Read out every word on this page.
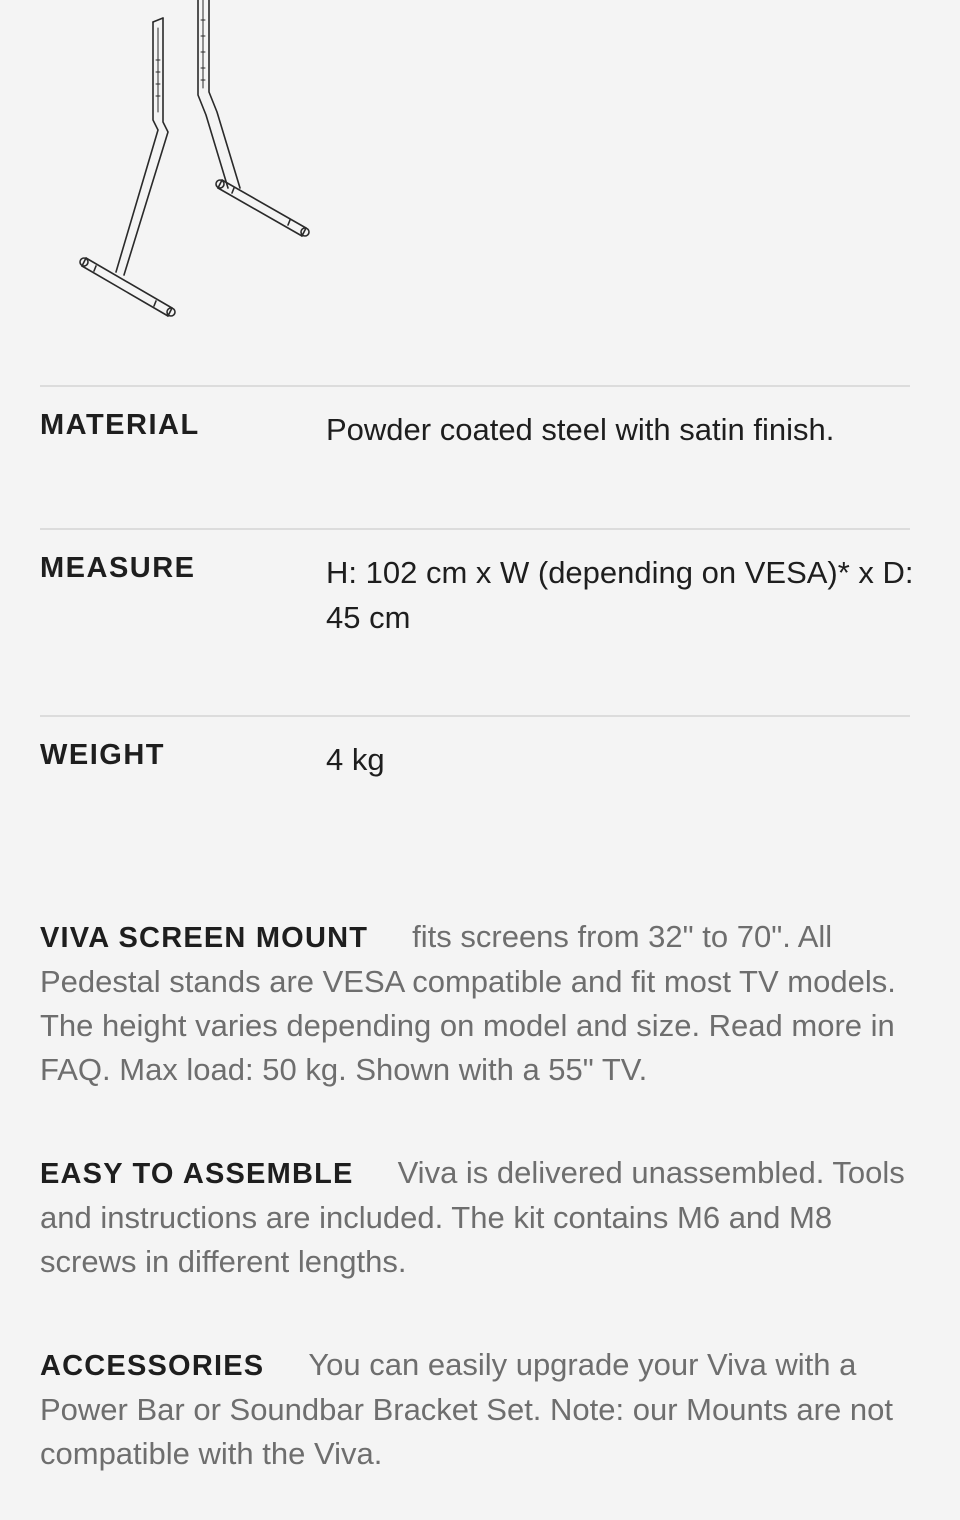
MATERIAL	Powder coated steel with satin finish.
MEASURE	H: 102 cm x W (depending on VESA)* x D: 45 cm
WEIGHT	4 kg

VIVA SCREEN MOUNT fits screens from 32" to 70". All Pedestal stands are VESA compatible and fit most TV models. The height varies depending on model and size. Read more in FAQ. Max load: 50 kg. Shown with a 55" TV.

EASY TO ASSEMBLE Viva is delivered unassembled. Tools and instructions are included. The kit contains M6 and M8 screws in different lengths.

ACCESSORIES You can easily upgrade your Viva with a Power Bar or Soundbar Bracket Set. Note: our Mounts are not compatible with the Viva.
